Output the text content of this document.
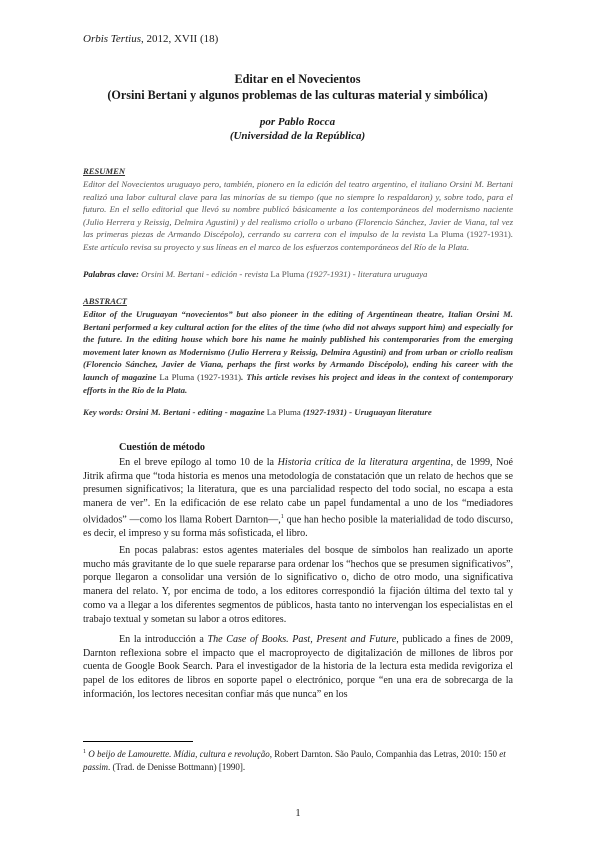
Orbis Tertius, 2012, XVII (18)
Editar en el Novecientos
(Orsini Bertani y algunos problemas de las culturas material y simbólica)
por Pablo Rocca
(Universidad de la República)
RESUMEN
Editor del Novecientos uruguayo pero, también, pionero en la edición del teatro argentino, el italiano Orsini M. Bertani realizó una labor cultural clave para las minorías de su tiempo (que no siempre lo respaldaron) y, sobre todo, para el futuro. En el sello editorial que llevó su nombre publicó básicamente a los contemporáneos del modernismo naciente (Julio Herrera y Reissig, Delmira Agustini) y del realismo criollo o urbano (Florencio Sánchez, Javier de Viana, tal vez las primeras piezas de Armando Discépolo), cerrando su carrera con el impulso de la revista La Pluma (1927-1931). Este artículo revisa su proyecto y sus líneas en el marco de los esfuerzos contemporáneos del Río de la Plata.
Palabras clave: Orsini M. Bertani - edición - revista La Pluma (1927-1931) - literatura uruguaya
ABSTRACT
Editor of the Uruguayan “novecientos” but also pioneer in the editing of Argentinean theatre, Italian Orsini M. Bertani performed a key cultural action for the elites of the time (who did not always support him) and especially for the future. In the editing house which bore his name he mainly published his contemporaries from the emerging movement later known as Modernismo (Julio Herrera y Reissig, Delmira Agustini) and from urban or criollo realism (Florencio Sánchez, Javier de Viana, perhaps the first works by Armando Discépolo), ending his career with the launch of magazine La Pluma (1927-1931). This article revises his project and ideas in the context of contemporary efforts in the Río de la Plata.
Key words: Orsini M. Bertani - editing - magazine La Pluma (1927-1931) - Uruguayan literature
Cuestión de método

En el breve epílogo al tomo 10 de la Historia crítica de la literatura argentina, de 1999, Noé Jitrik afirma que “toda historia es menos una metodología de constatación que un relato de hechos que se presumen significativos; la literatura, que es una parcialidad respecto del todo social, no escapa a esta manera de ver”. En la edificación de ese relato cabe un papel fundamental a uno de los “mediadores olvidados” —como los llama Robert Darnton—,$^1$ que han hecho posible la materialidad de todo discurso, es decir, el impreso y su forma más sofisticada, el libro.

En pocas palabras: estos agentes materiales del bosque de símbolos han realizado un aporte mucho más gravitante de lo que suele repararse para ordenar los “hechos que se presumen significativos”, porque llegaron a consolidar una versión de lo significativo o, dicho de otro modo, una significativa manera del relato. Y, por encima de todo, a los editores correspondió la fijación última del texto tal y como va a llegar a los diferentes segmentos de públicos, hasta tanto no intervengan los especialistas en el trabajo textual y sometan su labor a otros editores.

En la introducción a The Case of Books. Past, Present and Future, publicado a fines de 2009, Darnton reflexiona sobre el impacto que el macroproyecto de digitalización de millones de libros por cuenta de Google Book Search. Para el investigador de la historia de la lectura esta medida revigoriza el papel de los editores de libros en soporte papel o electrónico, porque “en una era de sobrecarga de la información, los lectores necesitan confiar más que nunca” en los

$^1$ O beijo de Lamourette. Mídia, cultura e revolução, Robert Darnton. São Paulo, Companhia das Letras, 2010: 150 et passim. (Trad. de Denisse Bottmann) [1990].
1
